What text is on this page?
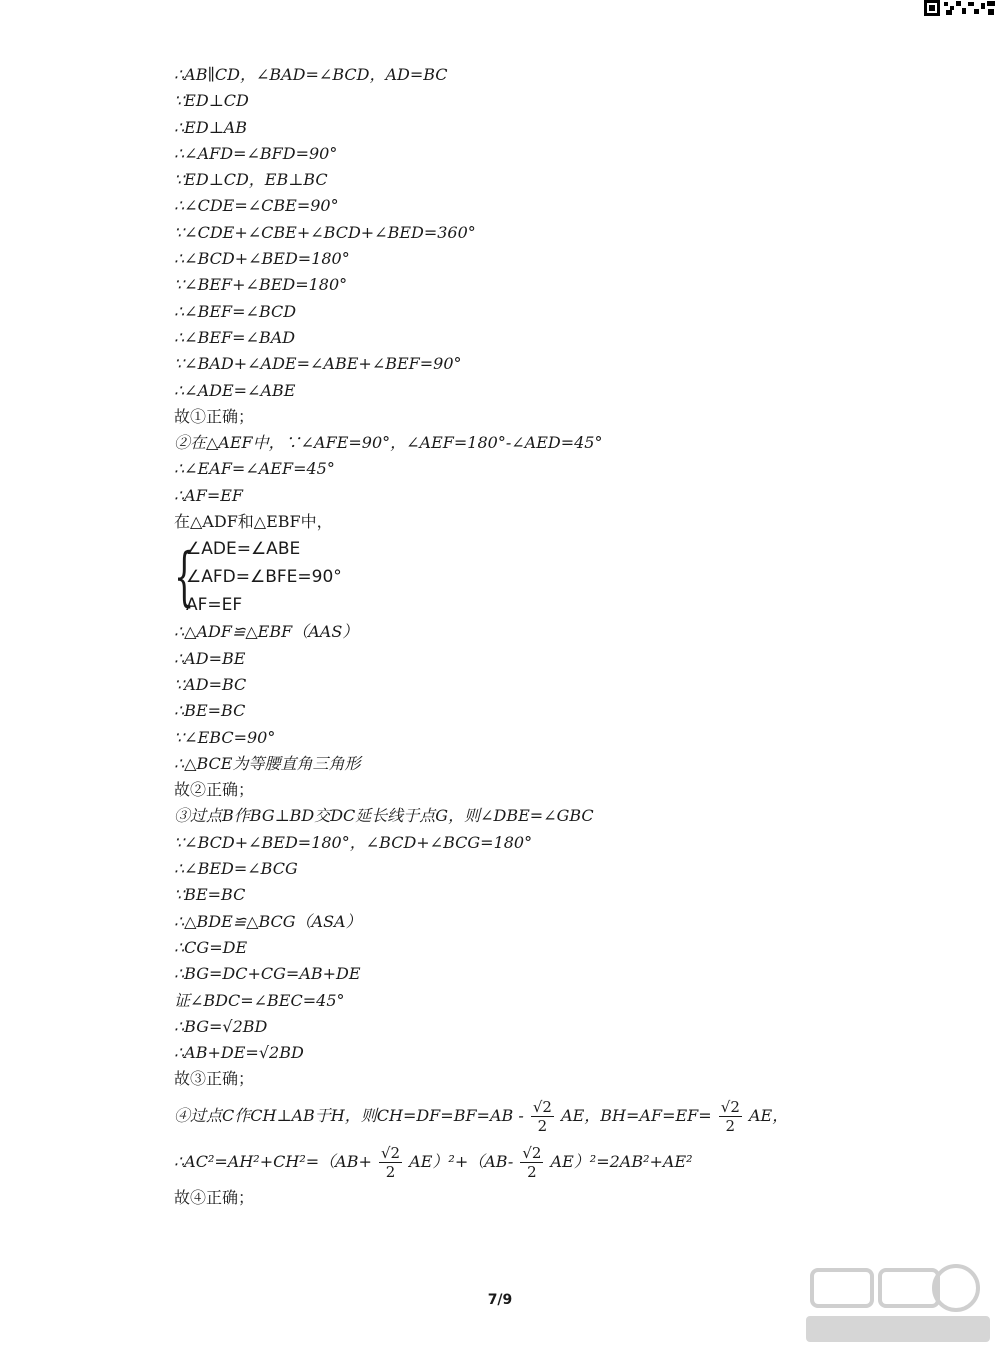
∴AB∥CD，∠BAD=∠BCD，AD=BC
∵ED⊥CD
∴ED⊥AB
∴∠AFD=∠BFD=90°
∵ED⊥CD，EB⊥BC
∴∠CDE=∠CBE=90°
∵∠CDE+∠CBE+∠BCD+∠BED=360°
∴∠BCD+∠BED=180°
∵∠BEF+∠BED=180°
∴∠BEF=∠BCD
∴∠BEF=∠BAD
∵∠BAD+∠ADE=∠ABE+∠BEF=90°
∴∠ADE=∠ABE
故①正确；
②在△AEF中，∵∠AFE=90°，∠AEF=180°-∠AED=45°
∴∠EAF=∠AEF=45°
∴AF=EF
在△ADF和△EBF中，
{
∠ADE=∠ABE
∠AFD=∠BFE=90°
AF=EF
∴△ADF≌△EBF（AAS）
∴AD=BE
∵AD=BC
∴BE=BC
∵∠EBC=90°
∴△BCE为等腰直角三角形
故②正确；
③过点B作BG⊥BD交DC延长线于点G，则∠DBE=∠GBC
∵∠BCD+∠BED=180°，∠BCD+∠BCG=180°
∴∠BED=∠BCG
∵BE=BC
∴△BDE≌△BCG（ASA）
∴CG=DE
∴BG=DC+CG=AB+DE
证∠BDC=∠BEC=45°
∴BG=√2BD
∴AB+DE=√2BD
故③正确；
④过点C作CH⊥AB于H，则$CH=DF=BF=AB - \frac{√2}{2}$ AE，$BH=AF=EF= \frac{√2}{2}$ AE，
∴AC²=AH²+CH²=（AB+ $\frac{√2}{2} AE)^2+(AB- \frac{√2}{2} AE)^2=2AB^2+AE^2$
故④正确；
7/9
